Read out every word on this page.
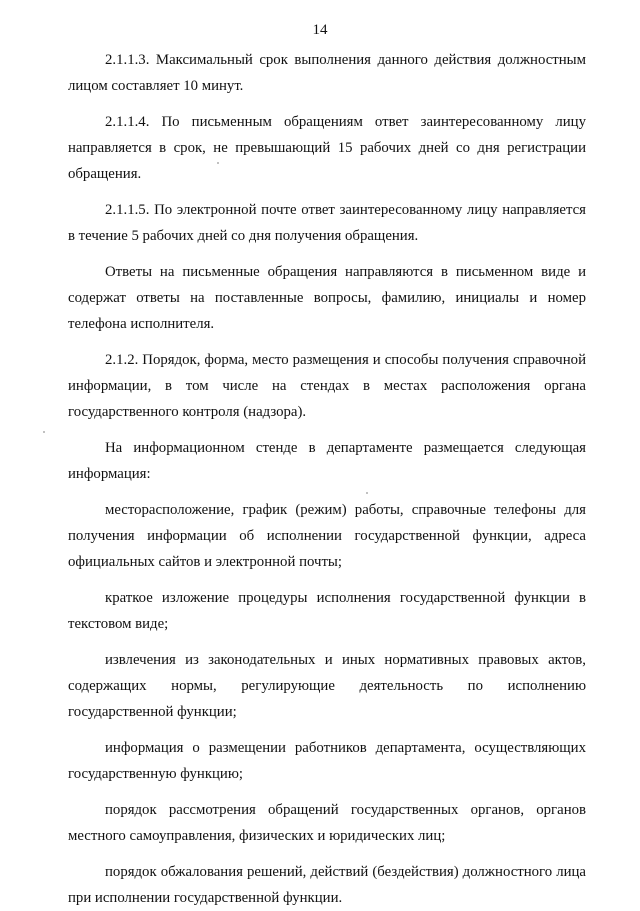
14

2.1.1.3. Максимальный срок выполнения данного действия должностным лицом составляет 10 минут.

2.1.1.4. По письменным обращениям ответ заинтересованному лицу направляется в срок, не превышающий 15 рабочих дней со дня регистрации обращения.

2.1.1.5. По электронной почте ответ заинтересованному лицу направляется в течение 5 рабочих дней со дня получения обращения.

Ответы на письменные обращения направляются в письменном виде и содержат ответы на поставленные вопросы, фамилию, инициалы и номер телефона исполнителя.

2.1.2. Порядок, форма, место размещения и способы получения справочной информации, в том числе на стендах в местах расположения органа государственного контроля (надзора).

На информационном стенде в департаменте размещается следующая информация:

месторасположение, график (режим) работы, справочные телефоны для получения информации об исполнении государственной функции, адреса официальных сайтов и электронной почты;

краткое изложение процедуры исполнения государственной функции в текстовом виде;

извлечения из законодательных и иных нормативных правовых актов, содержащих нормы, регулирующие деятельность по исполнению государственной функции;

информация о размещении работников департамента, осуществляющих государственную функцию;

порядок рассмотрения обращений государственных органов, органов местного самоуправления, физических и юридических лиц;

порядок обжалования решений, действий (бездействия) должностного лица при исполнении государственной функции.
